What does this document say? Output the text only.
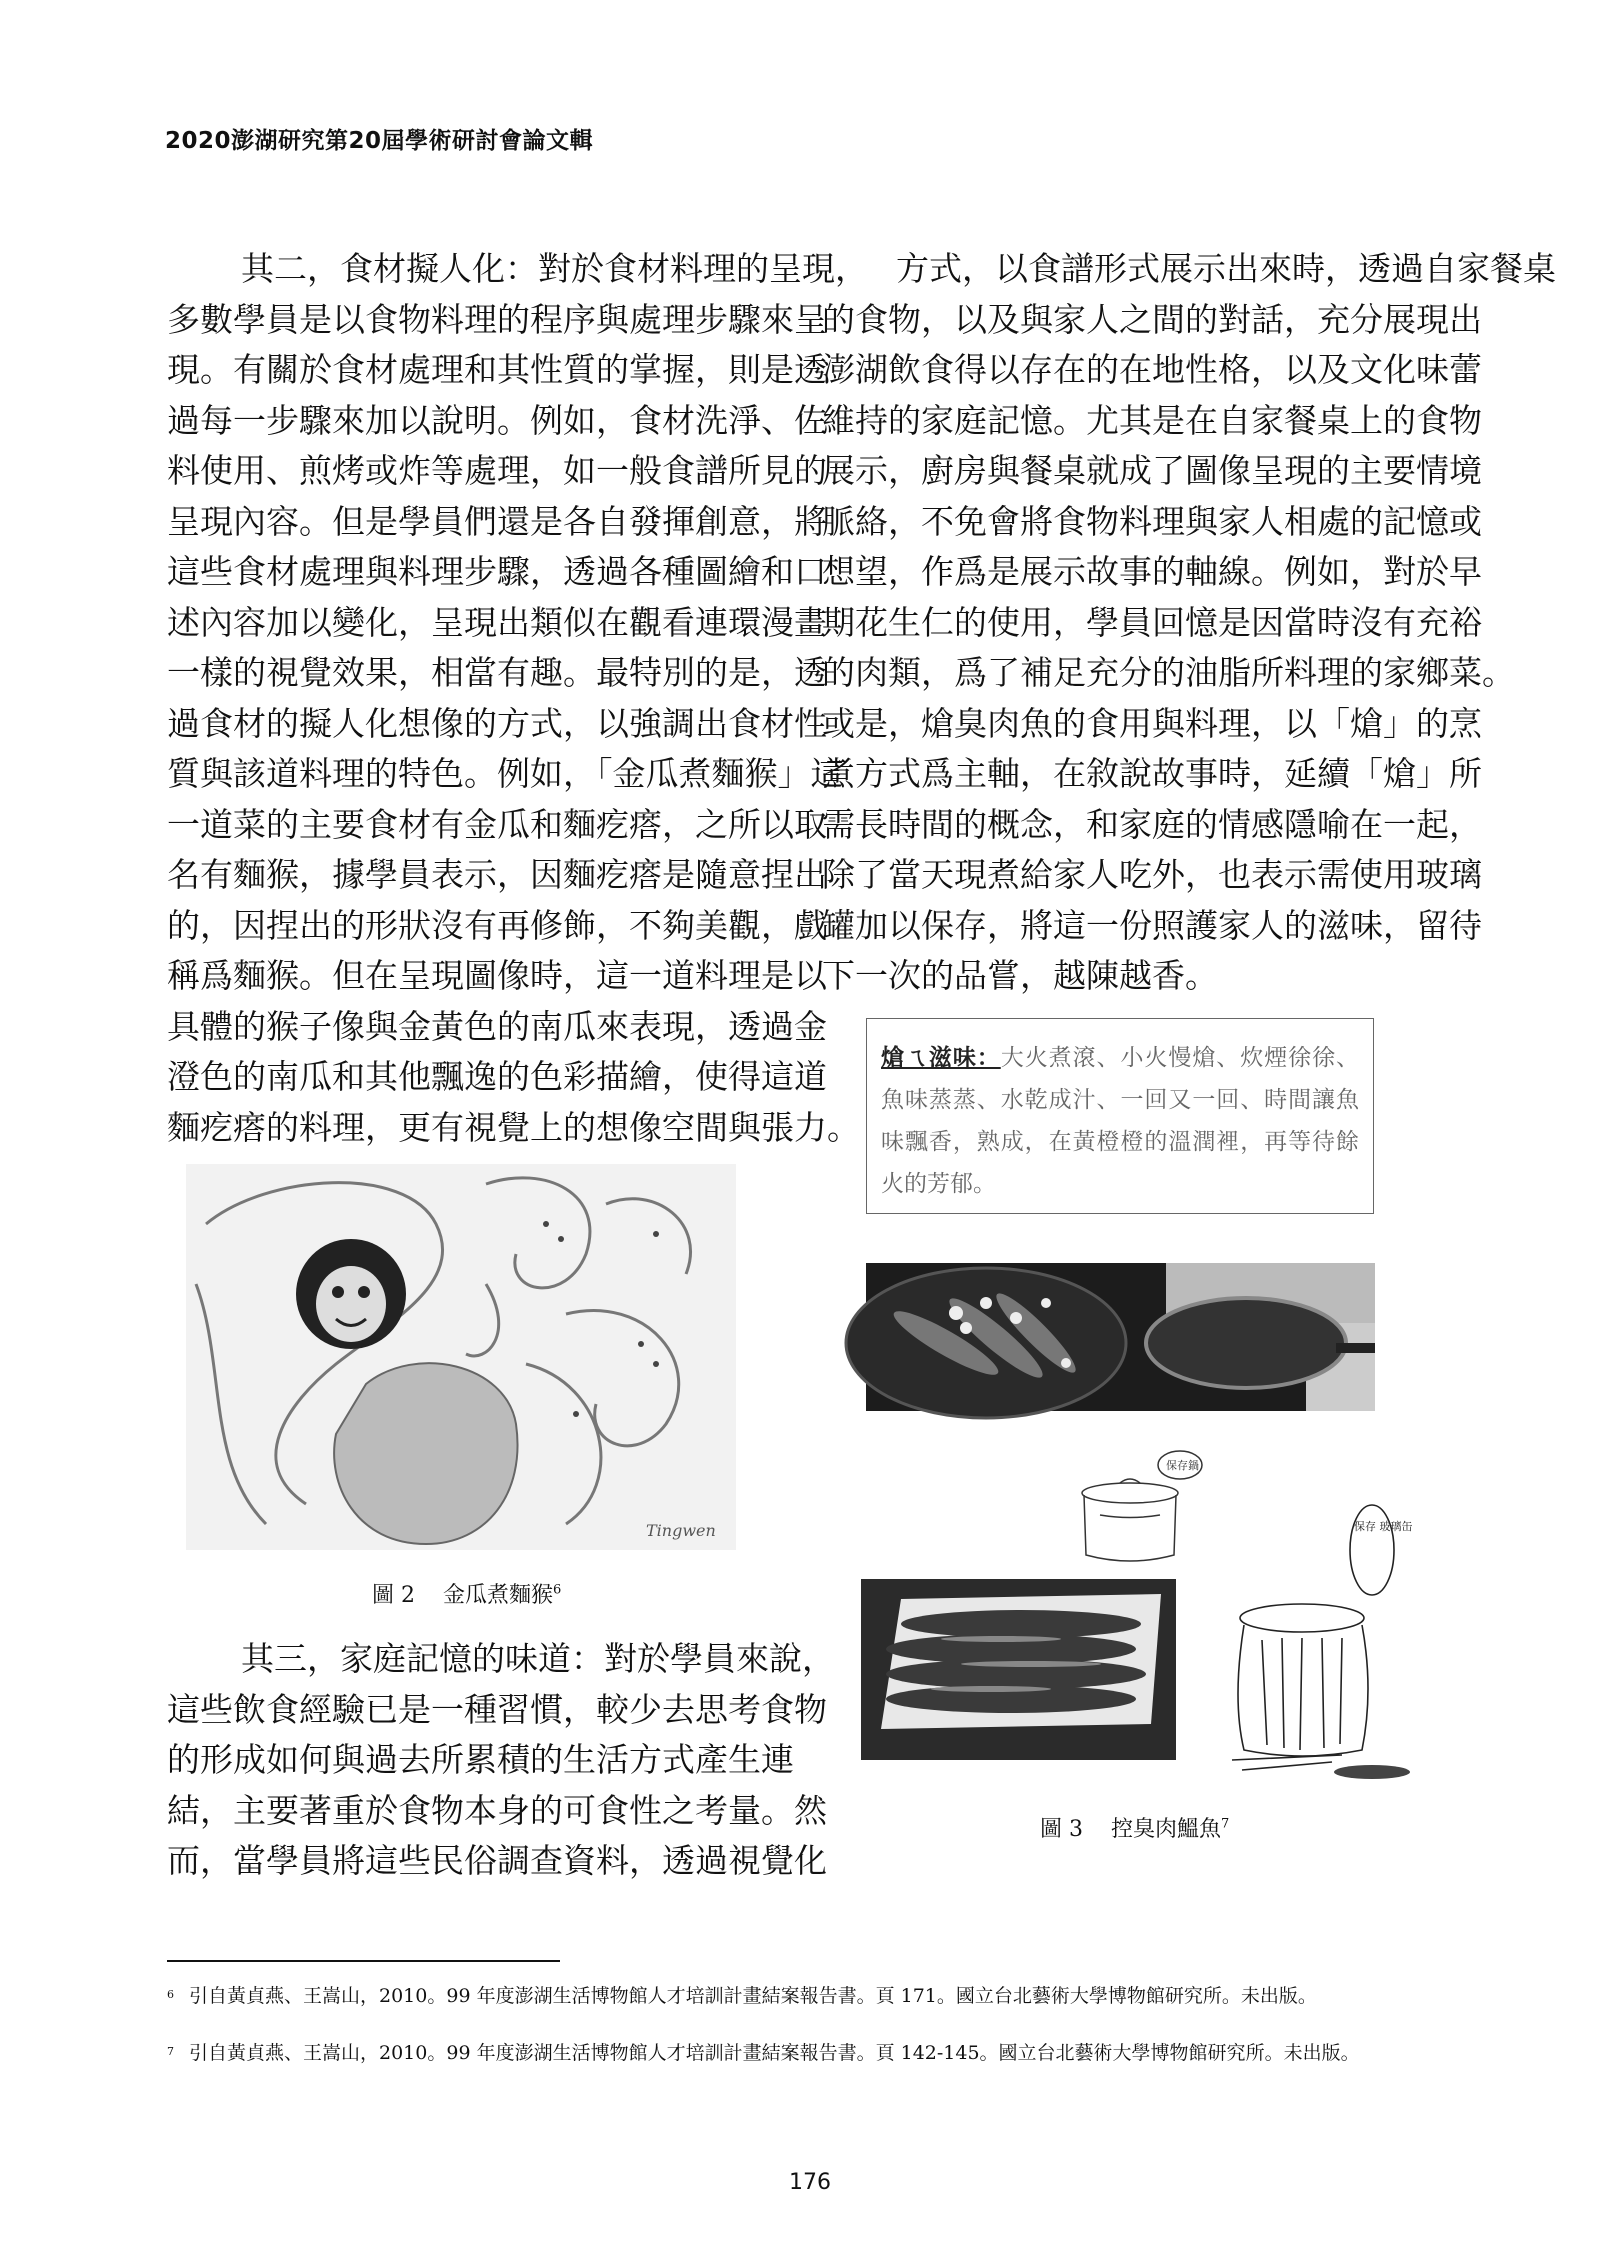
2020澎湖研究第20屆學術研討會論文輯
其二，食材擬人化：對於食材料理的呈現，
多數學員是以食物料理的程序與處理步驟來呈
現。有關於食材處理和其性質的掌握，則是透
過每一步驟來加以說明。例如，食材洗淨、佐
料使用、煎烤或炸等處理，如一般食譜所見的
呈現內容。但是學員們還是各自發揮創意，將
這些食材處理與料理步驟，透過各種圖繪和口
述內容加以變化，呈現出類似在觀看連環漫畫
一樣的視覺效果，相當有趣。最特別的是，透
過食材的擬人化想像的方式，以強調出食材性
質與該道料理的特色。例如，「金瓜煮麵猴」這
一道菜的主要食材有金瓜和麵疙瘩，之所以取
名有麵猴，據學員表示，因麵疙瘩是隨意捏出
的，因捏出的形狀沒有再修飾，不夠美觀，戲
稱爲麵猴。但在呈現圖像時，這一道料理是以
具體的猴子像與金黃色的南瓜來表現，透過金
澄色的南瓜和其他飄逸的色彩描繪，使得這道
麵疙瘩的料理，更有視覺上的想像空間與張力。
Tingwen
圖 2 金瓜煮麵猴$^6$
其三，家庭記憶的味道：對於學員來說，
這些飲食經驗已是一種習慣，較少去思考食物
的形成如何與過去所累積的生活方式產生連
結，主要著重於食物本身的可食性之考量。然
而，當學員將這些民俗調查資料，透過視覺化
方式，以食譜形式展示出來時，透過自家餐桌
的食物，以及與家人之間的對話，充分展現出
澎湖飲食得以存在的在地性格，以及文化味蕾
維持的家庭記憶。尤其是在自家餐桌上的食物
展示，廚房與餐桌就成了圖像呈現的主要情境
脈絡，不免會將食物料理與家人相處的記憶或
想望，作爲是展示故事的軸線。例如，對於早
期花生仁的使用，學員回憶是因當時沒有充裕
的肉類，爲了補足充分的油脂所料理的家鄉菜。
或是，熗臭肉魚的食用與料理，以「熗」的烹
煮方式爲主軸，在敘說故事時，延續「熗」所
需長時間的概念，和家庭的情感隱喻在一起，
除了當天現煮給家人吃外，也表示需使用玻璃
罐加以保存，將這一份照護家人的滋味，留待
下一次的品嘗，越陳越香。
熗ㄟ滋味：大火煮滾、小火慢熗、炊煙徐徐、
魚味蒸蒸、水乾成汁、一回又一回、時間讓魚
味飄香，熟成，在黃橙橙的溫潤裡，再等待餘
火的芳郁。
保存鍋
保存 玻璃缶
圖 3 控臭肉鰮魚$^7$
6 引自黃貞燕、王嵩山，2010。99 年度澎湖生活博物館人才培訓計畫結案報告書。頁 171。國立台北藝術大學博物館研究所。未出版。
7 引自黃貞燕、王嵩山，2010。99 年度澎湖生活博物館人才培訓計畫結案報告書。頁 142-145。國立台北藝術大學博物館研究所。未出版。
176
